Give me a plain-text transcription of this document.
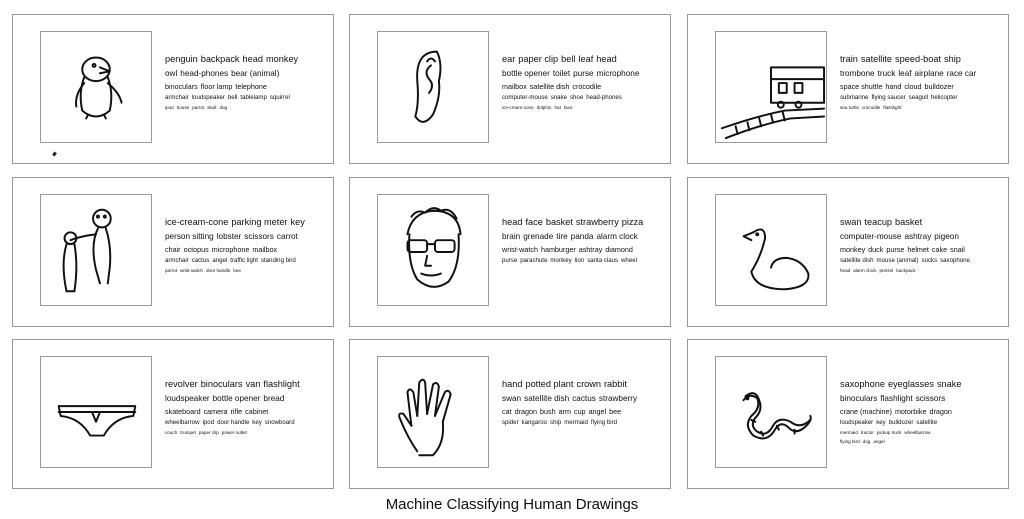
penguin backpack head monkey
owl head-phones bear (animal)
binoculars floor lamp telephone
armchair loudspeaker bell tablelamp squirrel
ipod house parrot skull dog
ear paper clip bell leaf head
bottle opener toilet purse microphone
mailbox satellite dish crocodile
computer-mouse snake shoe head-phones
ice-cream-cone dolphin hat face
train satellite speed-boat ship
trombone truck leaf airplane race car
space shuttle hand cloud bulldozer
submarine flying saucer seagull helicopter
sea turtle crocodile flashlight
ice-cream-cone parking meter key
person sitting lobster scissors carrot
chair octopus microphone mailbox
armchair cactus angel traffic light standing bird
parrot wrist-watch door handle bee
head face basket strawberry pizza
brain grenade tire panda alarm clock
wrist-watch hamburger ashtray diamond
purse parachute monkey lion santa claus wheel
swan teacup basket
computer-mouse ashtray pigeon
monkey duck purse helmet cake snail
satellite dish mouse (animal) socks saxophone
head alarm clock pretzel backpack
revolver binoculars van flashlight
loudspeaker bottle opener bread
skateboard camera rifle cabinet
wheelbarrow ipod door handle key snowboard
couch trumpet paper clip power outlet
hand potted plant crown rabbit
swan satellite dish cactus strawberry
cat dragon bush arm cup angel bee
spider kangaroo ship mermaid flying bird
saxophone eyeglasses snake
binoculars flashlight scissors
crane (machine) motorbike dragon
loudspeaker key bulldozer satellite
mermaid tractor pickup truck wheelbarrow
flying bird dog angel
Machine Classifying Human Drawings
